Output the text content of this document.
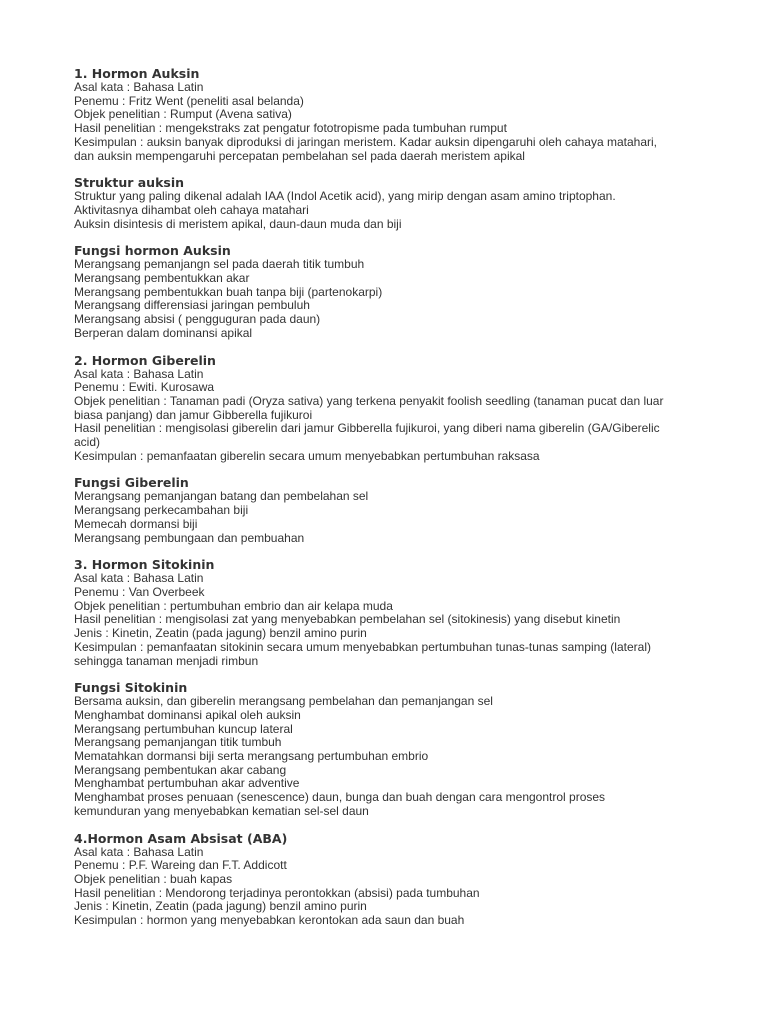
1. Hormon Auksin
Asal kata : Bahasa Latin
Penemu : Fritz Went (peneliti asal belanda)
Objek penelitian : Rumput (Avena sativa)
Hasil penelitian : mengekstraks zat pengatur fototropisme pada tumbuhan rumput
Kesimpulan : auksin banyak diproduksi di jaringan meristem. Kadar auksin dipengaruhi oleh cahaya matahari,
dan auksin mempengaruhi percepatan pembelahan sel pada daerah meristem apikal
Struktur auksin
Struktur yang paling dikenal adalah IAA (Indol Acetik acid), yang mirip dengan asam amino triptophan.
Aktivitasnya dihambat oleh cahaya matahari
Auksin disintesis di meristem apikal, daun-daun muda dan biji
Fungsi hormon Auksin
Merangsang pemanjangn sel pada daerah titik tumbuh
Merangsang pembentukkan akar
Merangsang pembentukkan buah tanpa biji (partenokarpi)
Merangsang differensiasi jaringan pembuluh
Merangsang absisi ( pengguguran pada daun)
Berperan dalam dominansi apikal
2. Hormon Giberelin
Asal kata : Bahasa Latin
Penemu : Ewiti. Kurosawa
Objek penelitian : Tanaman padi (Oryza sativa) yang terkena penyakit foolish seedling (tanaman pucat dan luar
biasa panjang) dan jamur Gibberella fujikuroi
Hasil penelitian : mengisolasi giberelin dari jamur Gibberella fujikuroi, yang diberi nama giberelin (GA/Giberelic
acid)
Kesimpulan : pemanfaatan giberelin secara umum menyebabkan pertumbuhan raksasa
Fungsi Giberelin
Merangsang pemanjangan batang dan pembelahan sel
Merangsang perkecambahan biji
Memecah dormansi biji
Merangsang pembungaan dan pembuahan
3. Hormon Sitokinin
Asal kata : Bahasa Latin
Penemu : Van Overbeek
Objek penelitian : pertumbuhan embrio dan air kelapa muda
Hasil penelitian : mengisolasi zat yang menyebabkan pembelahan sel (sitokinesis) yang disebut kinetin
Jenis : Kinetin, Zeatin (pada jagung) benzil amino purin
Kesimpulan : pemanfaatan sitokinin secara umum menyebabkan pertumbuhan tunas-tunas samping (lateral)
sehingga tanaman menjadi rimbun
Fungsi Sitokinin
Bersama auksin, dan giberelin merangsang pembelahan dan pemanjangan sel
Menghambat dominansi apikal oleh auksin
Merangsang pertumbuhan kuncup lateral
Merangsang pemanjangan titik tumbuh
Mematahkan dormansi biji serta merangsang pertumbuhan embrio
Merangsang pembentukan akar cabang
Menghambat pertumbuhan akar adventive
Menghambat proses penuaan (senescence) daun, bunga dan buah dengan cara mengontrol proses
kemunduran yang menyebabkan kematian sel-sel daun
4.Hormon Asam Absisat (ABA)
Asal kata : Bahasa Latin
Penemu : P.F. Wareing dan F.T. Addicott
Objek penelitian : buah kapas
Hasil penelitian : Mendorong terjadinya perontokkan (absisi) pada tumbuhan
Jenis : Kinetin, Zeatin (pada jagung) benzil amino purin
Kesimpulan : hormon yang menyebabkan kerontokan ada saun dan buah
